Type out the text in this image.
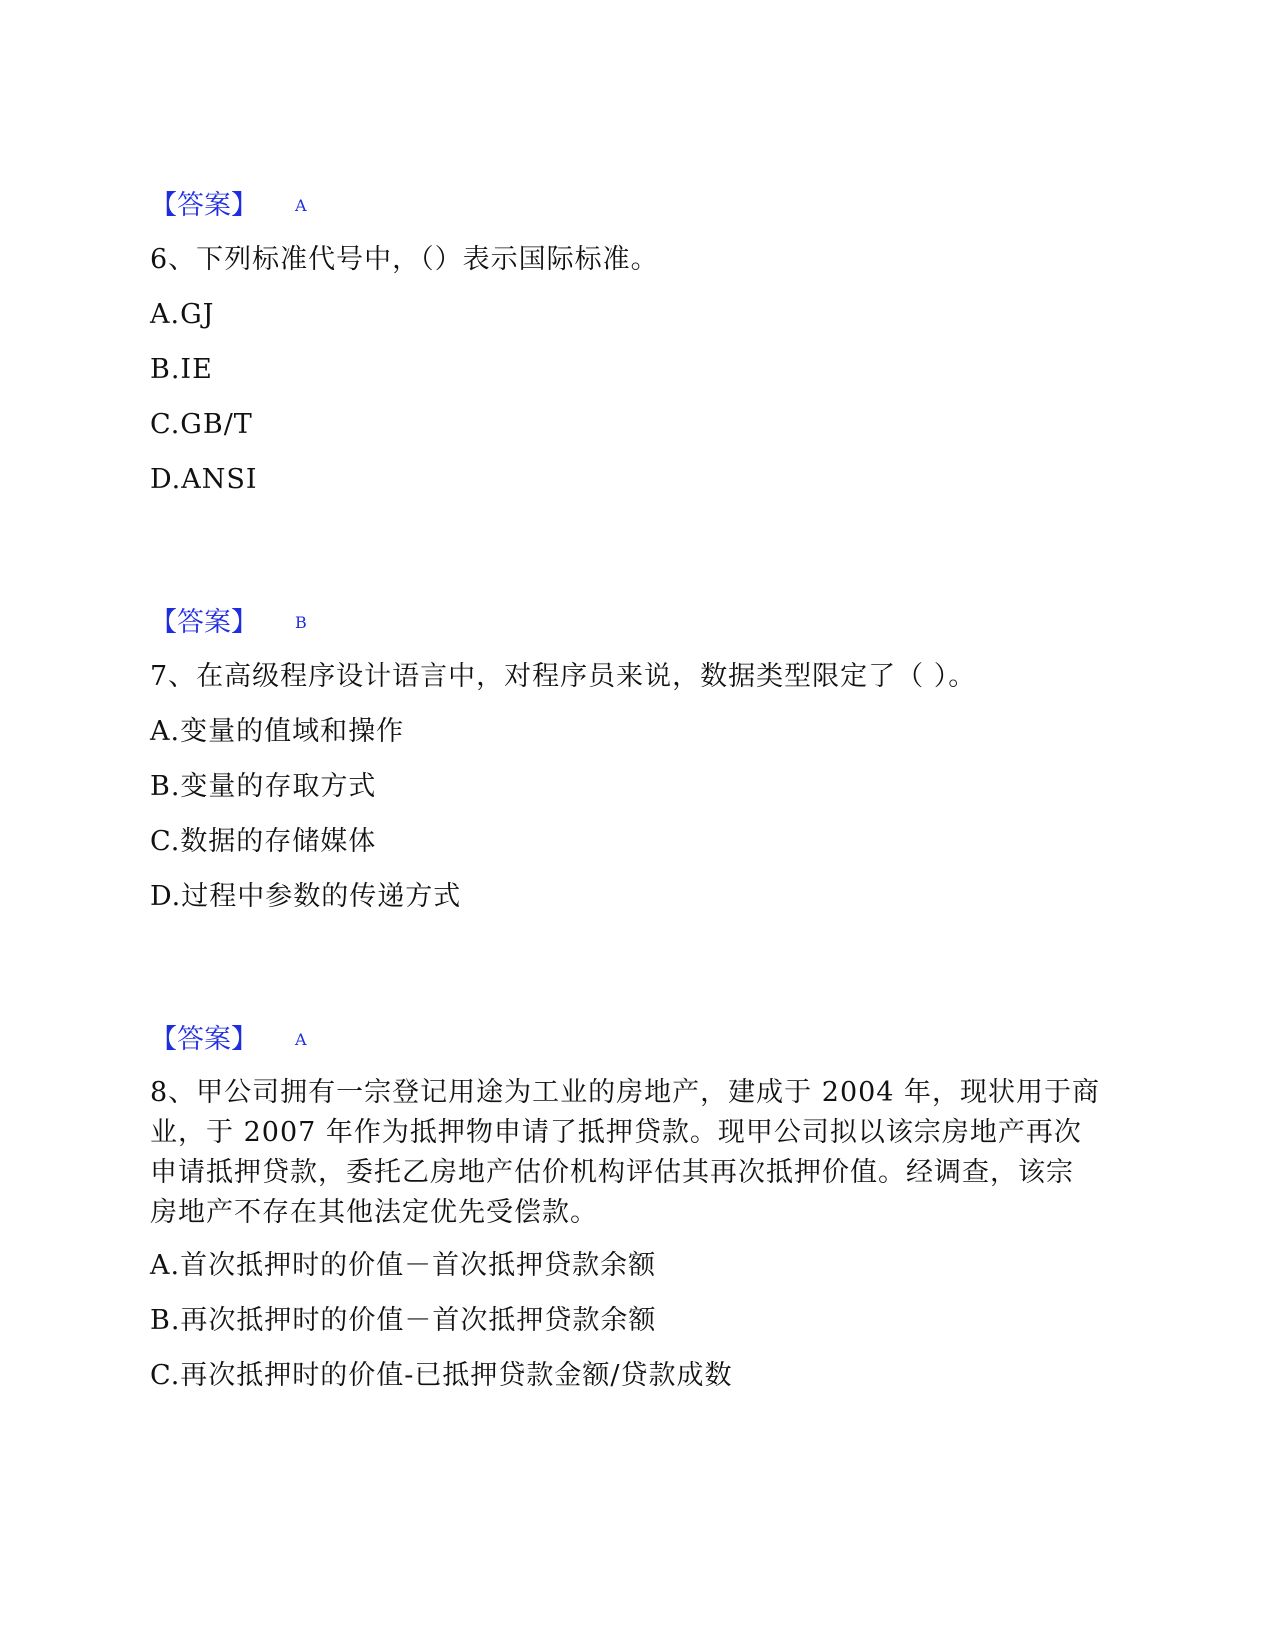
【答案】 A
6、下列标准代号中，（）表示国际标准。
A.GJ
B.IE
C.GB/T
D.ANSI
【答案】 B
7、在高级程序设计语言中，对程序员来说，数据类型限定了（ ）。
A.变量的值域和操作
B.变量的存取方式
C.数据的存储媒体
D.过程中参数的传递方式
【答案】 A
8、甲公司拥有一宗登记用途为工业的房地产，建成于 2004 年，现状用于商
业，于 2007 年作为抵押物申请了抵押贷款。现甲公司拟以该宗房地产再次
申请抵押贷款，委托乙房地产估价机构评估其再次抵押价值。经调查，该宗
房地产不存在其他法定优先受偿款。
A.首次抵押时的价值－首次抵押贷款余额
B.再次抵押时的价值－首次抵押贷款余额
C.再次抵押时的价值-已抵押贷款金额/贷款成数
